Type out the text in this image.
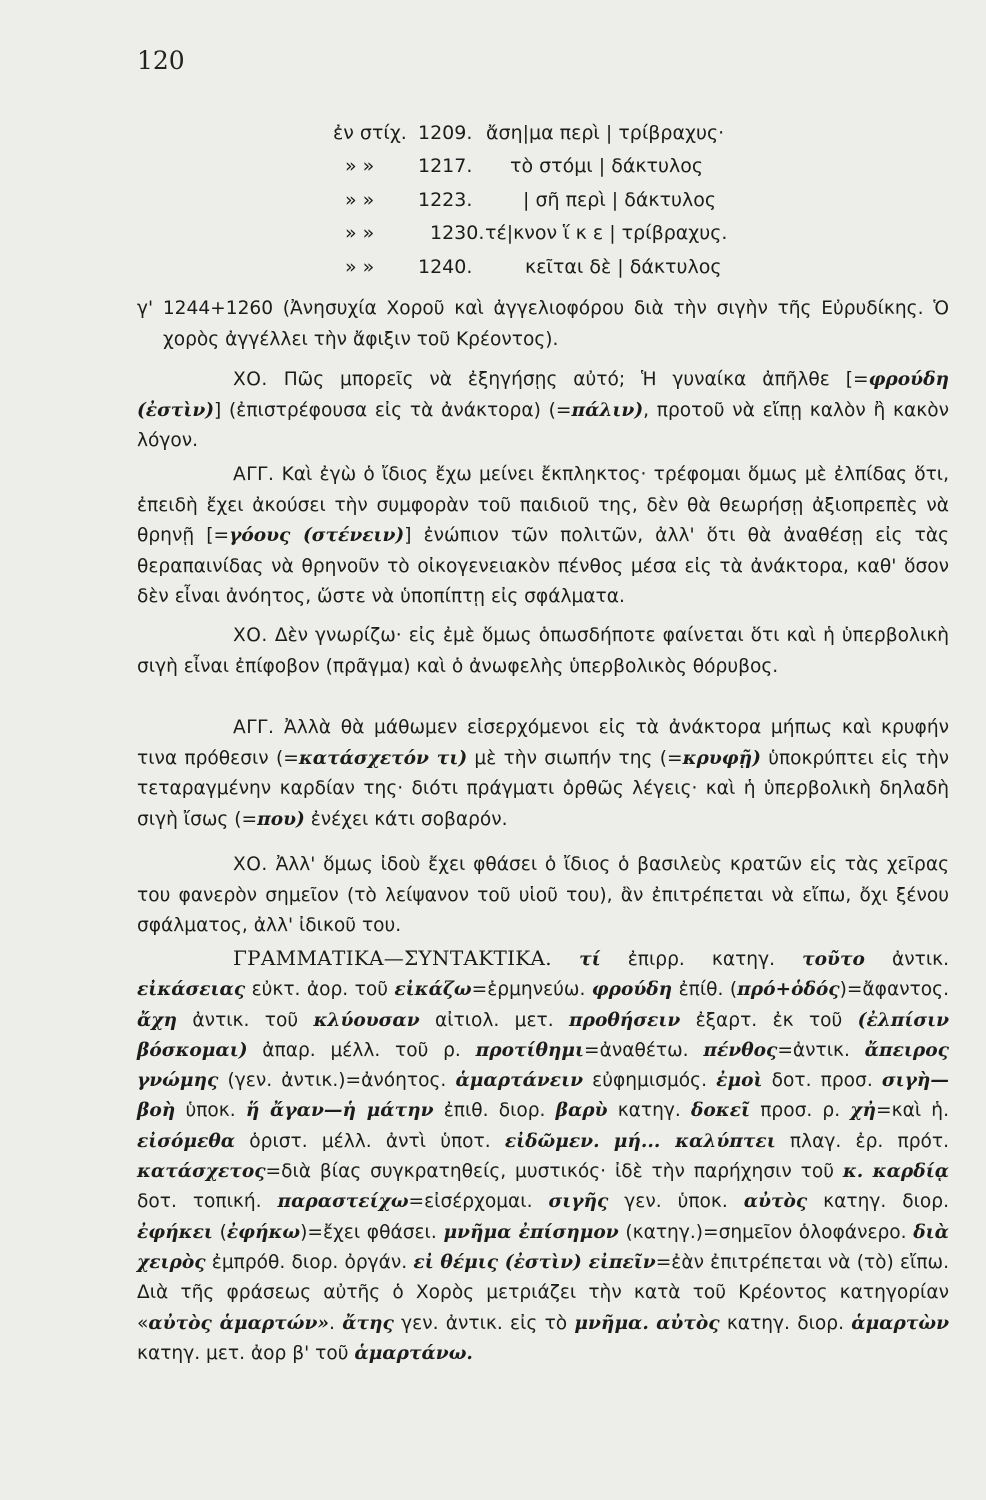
120
ἐν στίχ. 1209. ἄση|μα περὶ | τρίβραχυς·
» » 1217. τὸ στόμι | δάκτυλος
» » 1223.	| σῆ περὶ | δάκτυλος
» »	1230. τέ|κνον ἵ κ ε | τρίβραχυς.
» » 1240.	κεῖται δὲ | δάκτυλος
γ' 1244+1260 (Ἀνησυχία Χοροῦ καὶ ἀγγελιοφόρου διὰ τὴν σιγὴν τῆς Εὐρυδίκης. Ὁ χορὸς ἀγγέλλει τὴν ἄφιξιν τοῦ Κρέοντος).
ΧΟ. Πῶς μπορεῖς νὰ ἐξηγήσῃς αὐτό; Ἡ γυναίκα ἀπῆλθε [=φρούδη (ἐστὶν)] (ἐπιστρέφουσα εἰς τὰ ἀνάκτορα) (=πάλιν), προτοῦ νὰ εἴπῃ καλὸν ἢ κακὸν λόγον.
ΑΓΓ. Καὶ ἐγὼ ὁ ἴδιος ἔχω μείνει ἔκπληκτος· τρέφομαι ὅμως μὲ ἐλπίδας ὅτι, ἐπειδὴ ἔχει ἀκούσει τὴν συμφορὰν τοῦ παιδιοῦ της, δὲν θὰ θεωρήσῃ ἀξιοπρεπὲς νὰ θρηνῇ [=γόους (στένειν)] ἐνώπιον τῶν πολιτῶν, ἀλλ' ὅτι θὰ ἀναθέσῃ εἰς τὰς θεραπαινίδας νὰ θρηνοῦν τὸ οἰκογενειακὸν πένθος μέσα εἰς τὰ ἀνάκτορα, καθ' ὅσον δὲν εἶναι ἀνόητος, ὥστε νὰ ὑποπίπτῃ εἰς σφάλματα.
ΧΟ. Δὲν γνωρίζω· εἰς ἐμὲ ὅμως ὁπωσδήποτε φαίνεται ὅτι καὶ ἡ ὑπερβολικὴ σιγὴ εἶναι ἐπίφοβον (πρᾶγμα) καὶ ὁ ἀνωφελὴς ὑπερβολικὸς θόρυβος.
ΑΓΓ. Ἀλλὰ θὰ μάθωμεν εἰσερχόμενοι εἰς τὰ ἀνάκτορα μήπως καὶ κρυφήν τινα πρόθεσιν (=κατάσχετόν τι) μὲ τὴν σιωπήν της (=κρυφῇ) ὑποκρύπτει εἰς τὴν τεταραγμένην καρδίαν της· διότι πράγματι ὀρθῶς λέγεις· καὶ ἡ ὑπερβολικὴ δηλαδὴ σιγὴ ἴσως (=που) ἐνέχει κάτι σοβαρόν.
ΧΟ. Ἀλλ' ὅμως ἰδοὺ ἔχει φθάσει ὁ ἴδιος ὁ βασιλεὺς κρατῶν εἰς τὰς χεῖρας του φανερὸν σημεῖον (τὸ λείψανον τοῦ υἱοῦ του), ἂν ἐπιτρέπεται νὰ εἴπω, ὄχι ξένου σφάλματος, ἀλλ' ἰδικοῦ του.
ΓΡΑΜΜΑΤΙΚΑ—ΣΥΝΤΑΚΤΙΚΑ. τί ἐπιρρ. κατηγ. τοῦτο ἀντικ. εἰκάσειας εὐκτ. ἀορ. τοῦ εἰκάζω=ἑρμηνεύω. φρούδη ἐπίθ. (πρό+ὁδός)=ἄφαντος. ἄχη ἀντικ. τοῦ κλύουσαν αἰτιολ. μετ. προθήσειν ἐξαρτ. ἐκ τοῦ (ἐλπίσιν βόσκομαι) ἀπαρ. μέλλ. τοῦ ρ. προτίθημι=ἀναθέτω. πένθος=ἀντικ. ἄπειρος γνώμης (γεν. ἀντικ.)=ἀνόητος. ἁμαρτάνειν εὐφημισμός. ἐμοὶ δοτ. προσ. σιγὴ—βοὴ ὑποκ. ἥ ἄγαν—ἡ μάτην ἐπιθ. διορ. βαρὺ κατηγ. δοκεῖ προσ. ρ. χἠ=καὶ ἡ. εἰσόμεθα ὁριστ. μέλλ. ἀντὶ ὑποτ. εἰδῶμεν. μή... καλύπτει πλαγ. ἐρ. πρότ. κατάσχετος=διὰ βίας συγκρατηθείς, μυστικός· ἰδὲ τὴν παρήχησιν τοῦ κ. καρδίᾳ δοτ. τοπική. παραστείχω=εἰσέρχομαι. σιγῆς γεν. ὑποκ. αὐτὸς κατηγ. διορ. ἐφήκει (ἐφήκω)=ἔχει φθάσει. μνῆμα ἐπίσημον (κατηγ.)=σημεῖον ὁλοφάνερο. διὰ χειρὸς ἐμπρόθ. διορ. ὀργάν. εἰ θέμις (ἐστὶν) εἰπεῖν=ἐὰν ἐπιτρέπεται νὰ (τὸ) εἴπω. Διὰ τῆς φράσεως αὐτῆς ὁ Χορὸς μετριάζει τὴν κατὰ τοῦ Κρέοντος κατηγορίαν «αὐτὸς ἁμαρτών». ἄτης γεν. ἀντικ. εἰς τὸ μνῆμα. αὐτὸς κατηγ. διορ. ἁμαρτὼν κατηγ. μετ. ἀορ β' τοῦ ἁμαρτάνω.
